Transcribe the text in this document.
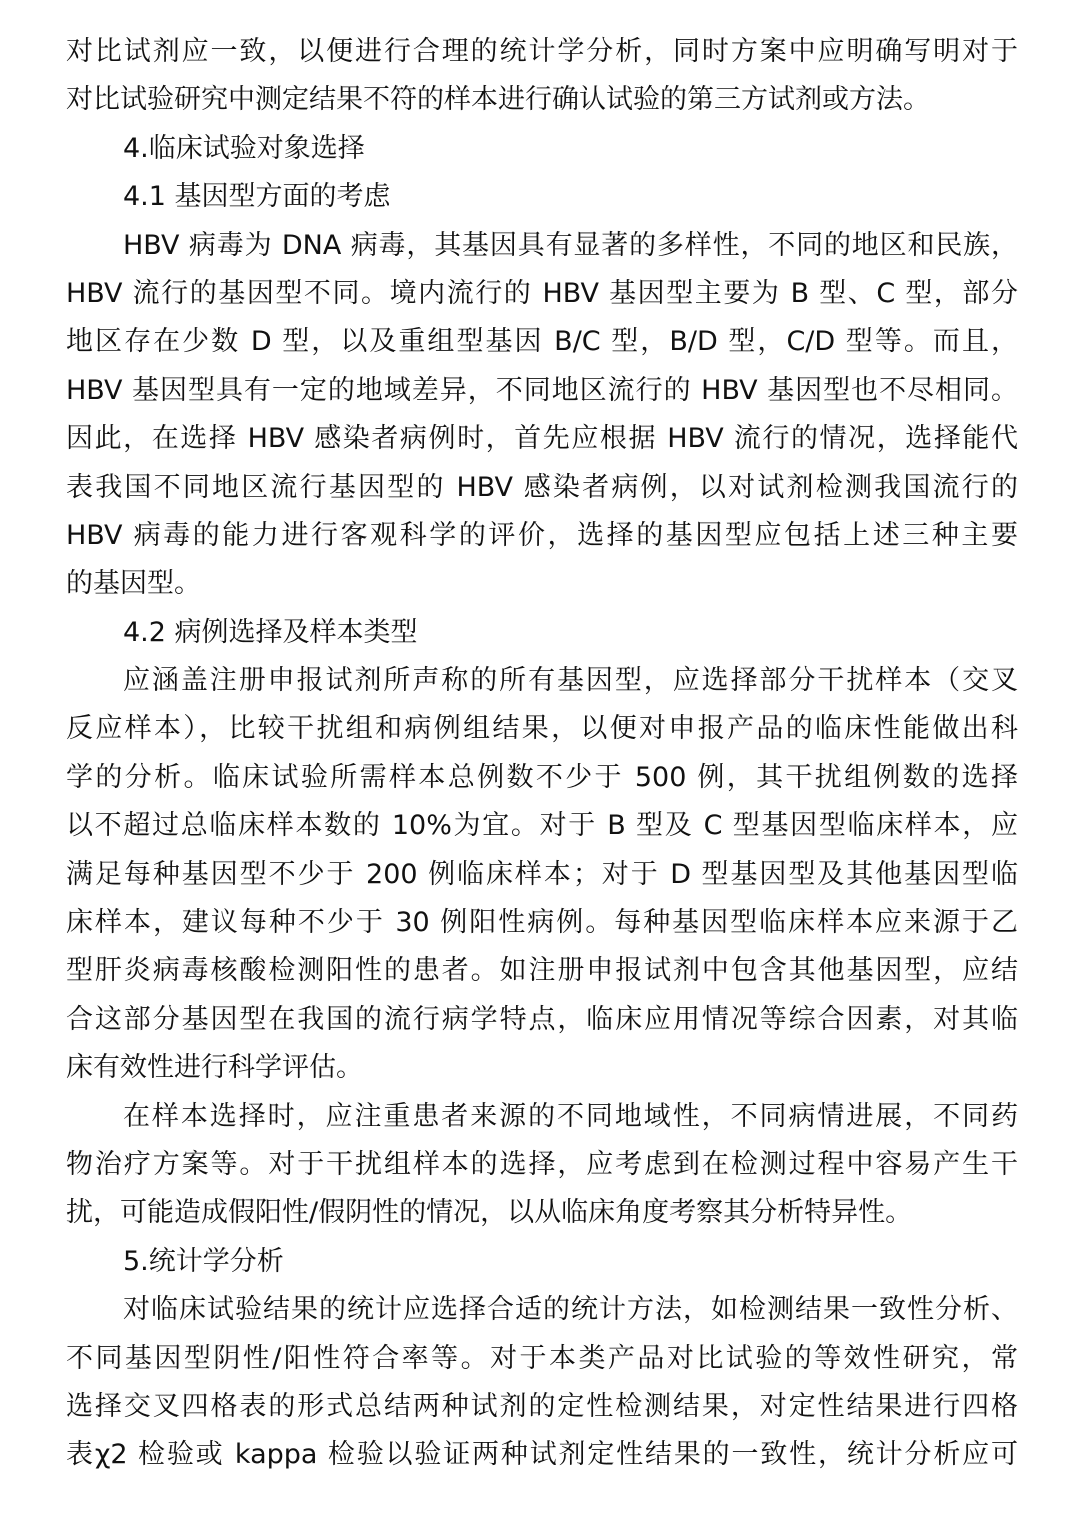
对比试剂应一致，以便进行合理的统计学分析，同时方案中应明确写明对于
对比试验研究中测定结果不符的样本进行确认试验的第三方试剂或方法。
4.临床试验对象选择
4.1 基因型方面的考虑
HBV 病毒为 DNA 病毒，其基因具有显著的多样性，不同的地区和民族，
HBV 流行的基因型不同。境内流行的 HBV 基因型主要为 B 型、C 型，部分
地区存在少数 D 型，以及重组型基因 B/C 型，B/D 型，C/D 型等。而且，
HBV 基因型具有一定的地域差异，不同地区流行的 HBV 基因型也不尽相同。
因此，在选择 HBV 感染者病例时，首先应根据 HBV 流行的情况，选择能代
表我国不同地区流行基因型的 HBV 感染者病例，以对试剂检测我国流行的
HBV 病毒的能力进行客观科学的评价，选择的基因型应包括上述三种主要
的基因型。
4.2 病例选择及样本类型
应涵盖注册申报试剂所声称的所有基因型，应选择部分干扰样本（交叉
反应样本），比较干扰组和病例组结果，以便对申报产品的临床性能做出科
学的分析。临床试验所需样本总例数不少于 500 例，其干扰组例数的选择
以不超过总临床样本数的 10%为宜。对于 B 型及 C 型基因型临床样本，应
满足每种基因型不少于 200 例临床样本；对于 D 型基因型及其他基因型临
床样本，建议每种不少于 30 例阳性病例。每种基因型临床样本应来源于乙
型肝炎病毒核酸检测阳性的患者。如注册申报试剂中包含其他基因型，应结
合这部分基因型在我国的流行病学特点，临床应用情况等综合因素，对其临
床有效性进行科学评估。
在样本选择时，应注重患者来源的不同地域性，不同病情进展，不同药
物治疗方案等。对于干扰组样本的选择，应考虑到在检测过程中容易产生干
扰，可能造成假阳性/假阴性的情况，以从临床角度考察其分析特异性。
5.统计学分析
对临床试验结果的统计应选择合适的统计方法，如检测结果一致性分析、
不同基因型阴性/阳性符合率等。对于本类产品对比试验的等效性研究，常
选择交叉四格表的形式总结两种试剂的定性检测结果，对定性结果进行四格
表χ2 检验或 kappa 检验以验证两种试剂定性结果的一致性，统计分析应可
